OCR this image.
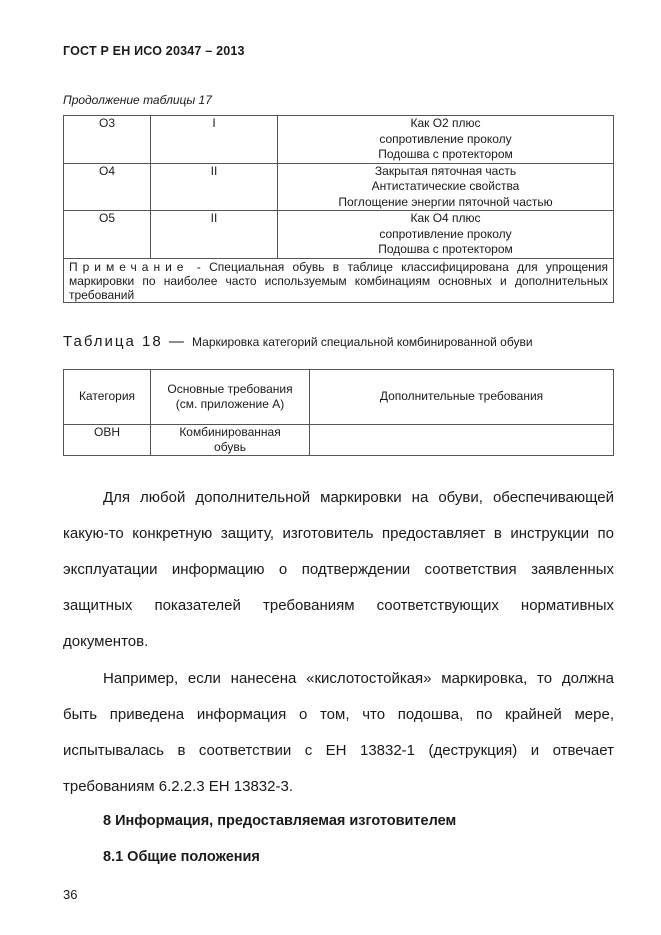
ГОСТ Р ЕН ИСО 20347 – 2013
Продолжение таблицы 17
O3	I	Как O2 плюс
сопротивление проколу
Подошва с протектором

O4	II	Закрытая пяточная часть
Антистатические свойства
Поглощение энергии пяточной частью

O5	II	Как O4 плюс
сопротивление проколу
Подошва с протектором

Примечание - Специальная обувь в таблице классифицирована для упрощения маркировки по наиболее часто используемым комбинациям основных и дополнительных требований		
Таблица 18 — Маркировка категорий специальной комбинированной обуви
Категория	Основные требования (см. приложение А)	Дополнительные требования
OBH	Комбинированная обувь	

Для любой дополнительной маркировки на обуви, обеспечивающей какую-то конкретную защиту, изготовитель предоставляет в инструкции по эксплуатации информацию о подтверждении соответствия заявленных защитных показателей требованиям соответствующих нормативных документов.

Например, если нанесена «кислотостойкая» маркировка, то должна быть приведена информация о том, что подошва, по крайней мере, испытывалась в соответствии с ЕН 13832-1 (деструкция) и отвечает требованиям 6.2.2.3 ЕН 13832-3.

8 Информация, предоставляемая изготовителем
8.1 Общие положения
36
